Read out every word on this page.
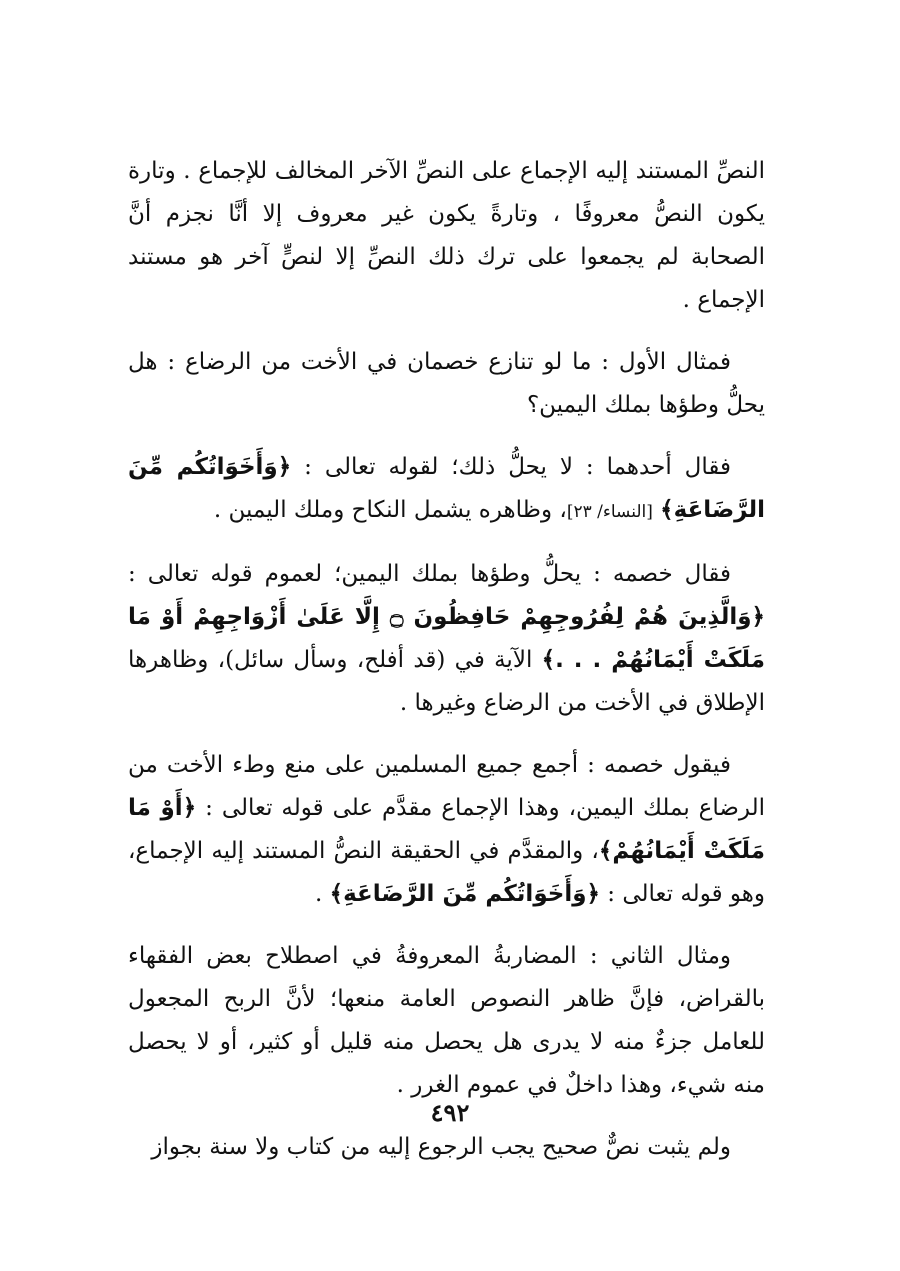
النصِّ المستند إليه الإجماع على النصِّ الآخر المخالف للإجماع . وتارة يكون النصُّ معروفًا ، وتارةً يكون غير معروف إلا أنَّا نجزم أنَّ الصحابة لم يجمعوا على ترك ذلك النصِّ إلا لنصٍّ آخر هو مستند الإجماع .

فمثال الأول : ما لو تنازع خصمان في الأخت من الرضاع : هل يحلُّ وطؤها بملك اليمين؟

فقال أحدهما : لا يحلُّ ذلك؛ لقوله تعالى : ﴿وَأَخَوَاتُكُم مِّنَ الرَّضَاعَةِ﴾ [النساء/ ٢٣]، وظاهره يشمل النكاح وملك اليمين .

فقال خصمه : يحلُّ وطؤها بملك اليمين؛ لعموم قوله تعالى : ﴿وَالَّذِينَ هُمْ لِفُرُوجِهِمْ حَافِظُونَ ۝ إِلَّا عَلَىٰ أَزْوَاجِهِمْ أَوْ مَا مَلَكَتْ أَيْمَانُهُمْ . . .﴾ الآية في (قد أفلح، وسأل سائل)، وظاهرها الإطلاق في الأخت من الرضاع وغيرها .

فيقول خصمه : أجمع جميع المسلمين على منع وطء الأخت من الرضاع بملك اليمين، وهذا الإجماع مقدَّم على قوله تعالى : ﴿أَوْ مَا مَلَكَتْ أَيْمَانُهُمْ﴾، والمقدَّم في الحقيقة النصُّ المستند إليه الإجماع، وهو قوله تعالى : ﴿وَأَخَوَاتُكُم مِّنَ الرَّضَاعَةِ﴾ .

ومثال الثاني : المضاربةُ المعروفةُ في اصطلاح بعض الفقهاء بالقراض، فإنَّ ظاهر النصوص العامة منعها؛ لأنَّ الربح المجعول للعامل جزءٌ منه لا يدرى هل يحصل منه قليل أو كثير، أو لا يحصل منه شيء، وهذا داخلٌ في عموم الغرر .

ولم يثبت نصٌّ صحيح يجب الرجوع إليه من كتاب ولا سنة بجواز

٤٩٢
